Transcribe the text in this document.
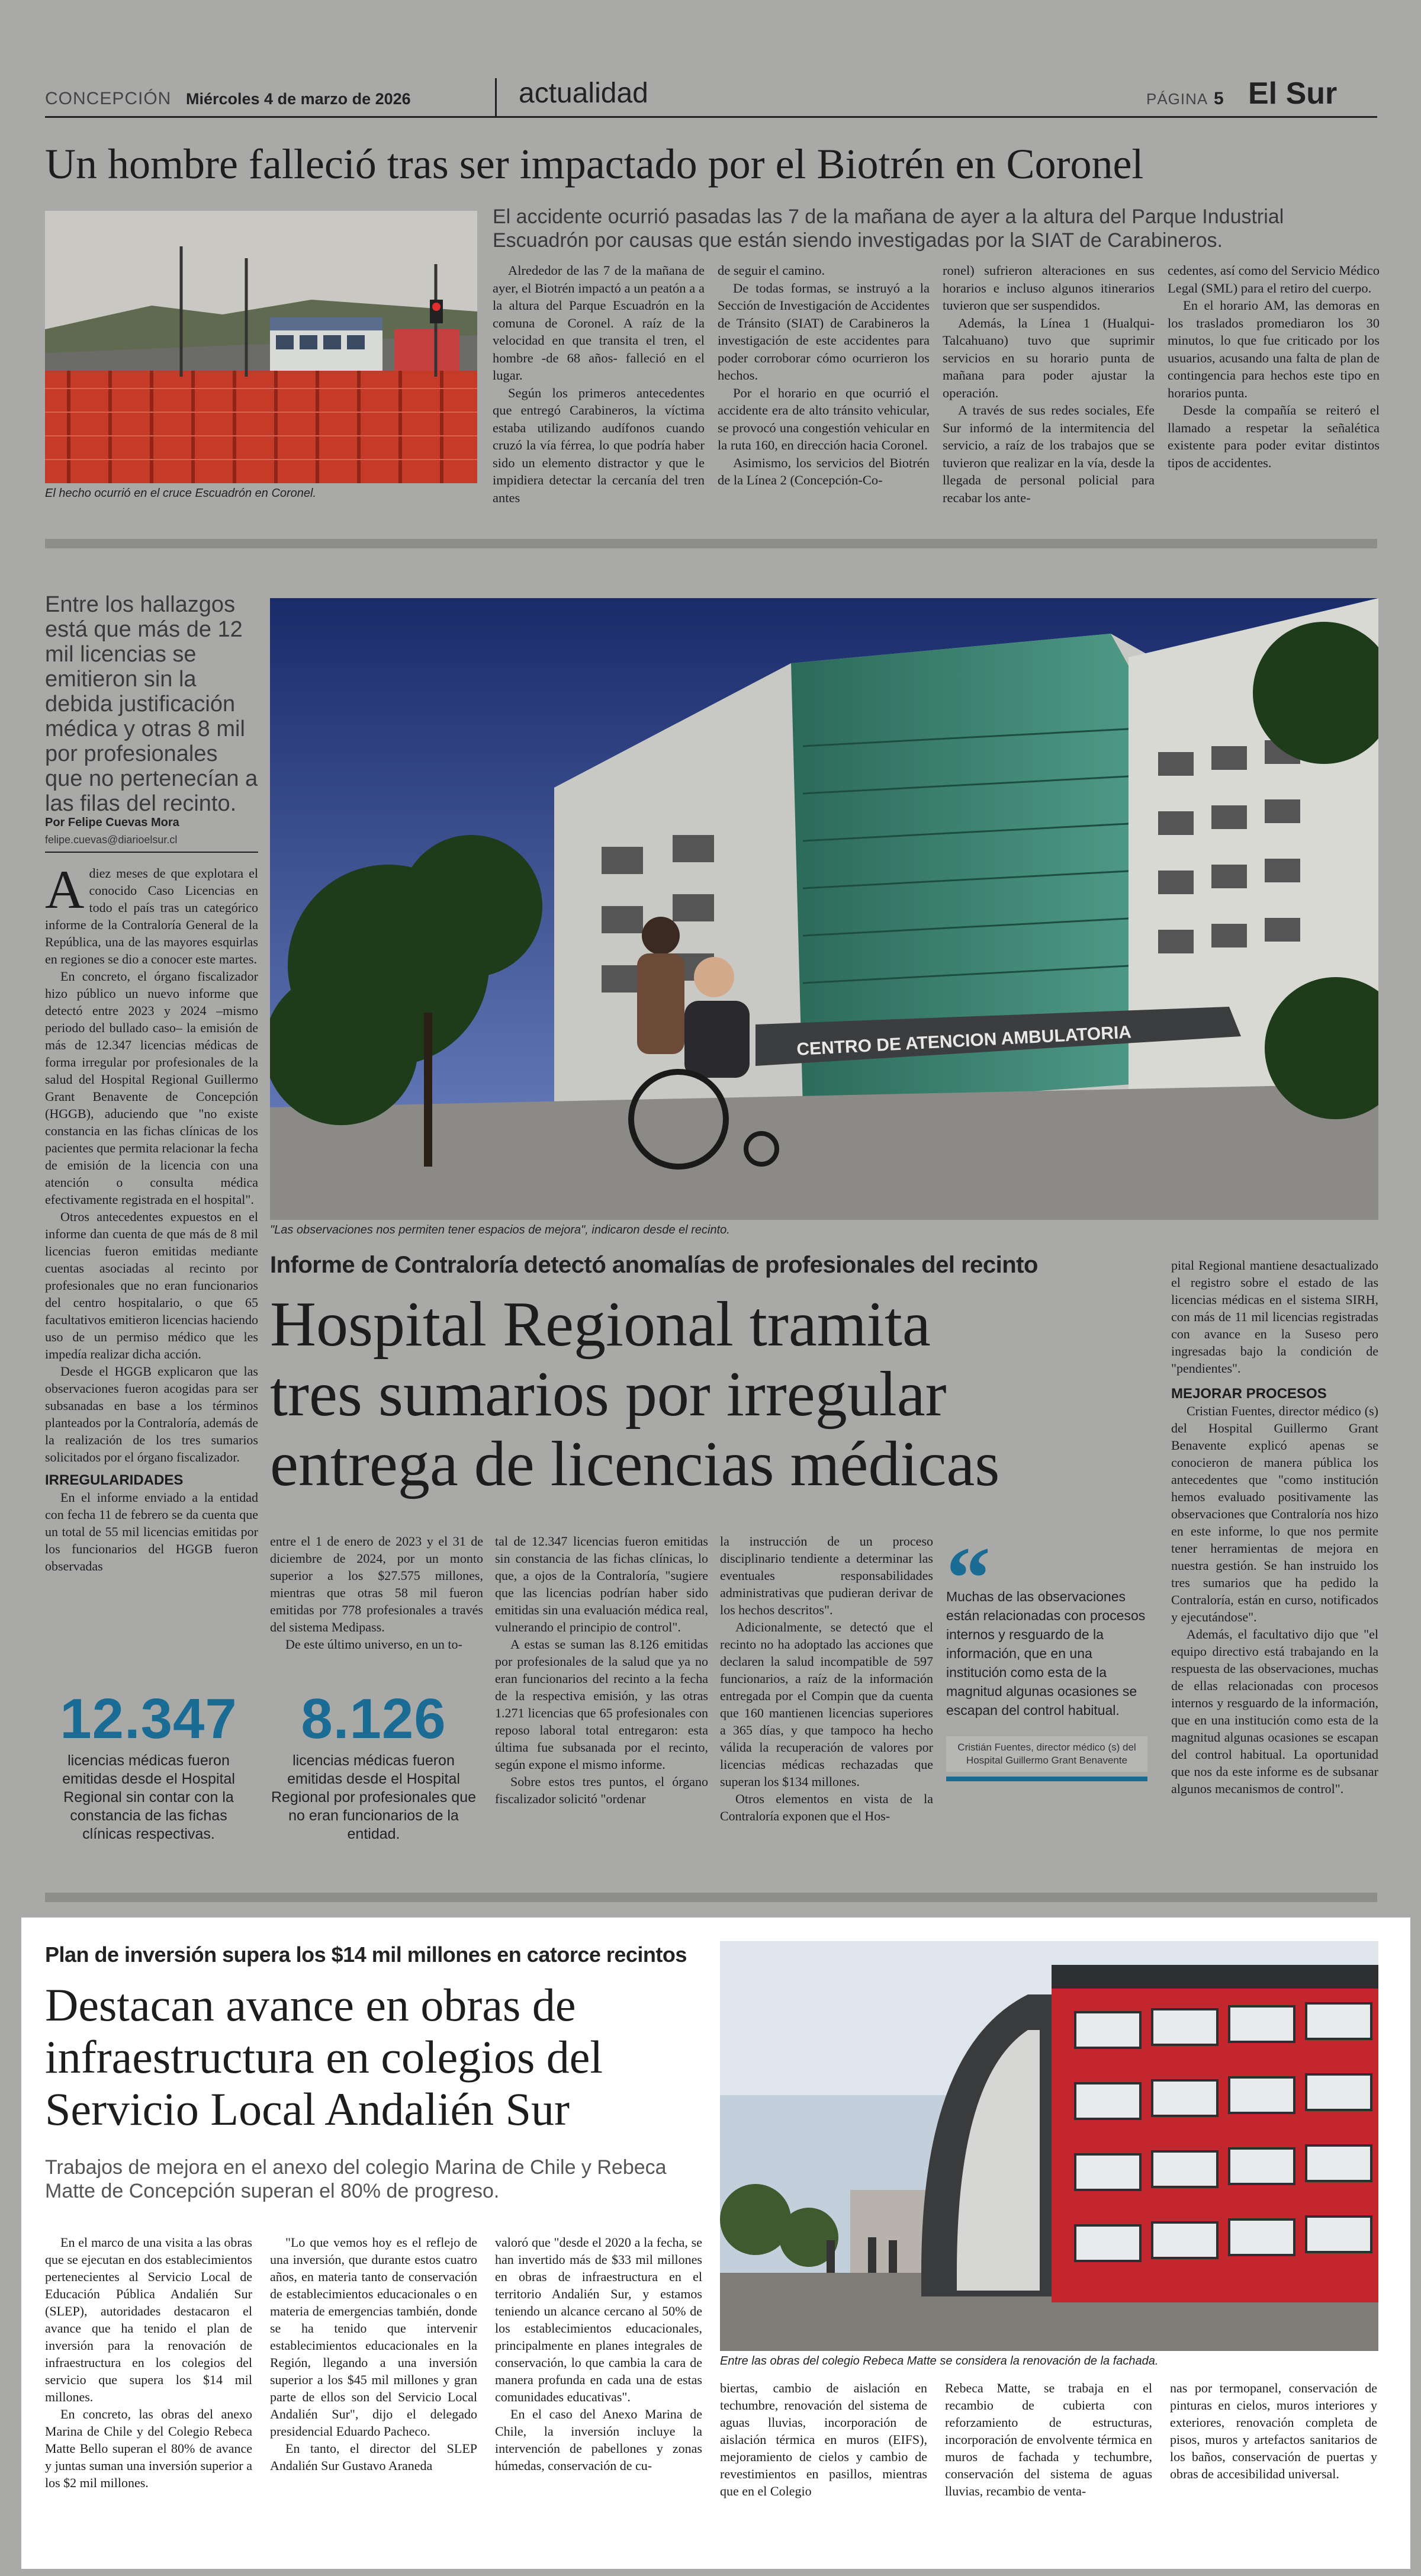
CONCEPCIÓN Miércoles 4 de marzo de 2026	actualidad	PÁGINA 5 El Sur
Un hombre falleció tras ser impactado por el Biotrén en Coronel
El hecho ocurrió en el cruce Escuadrón en Coronel.
El accidente ocurrió pasadas las 7 de la mañana de ayer a la altura del Parque Industrial Escuadrón por causas que están siendo investigadas por la SIAT de Carabineros.

Alrededor de las 7 de la mañana de ayer, el Biotrén impactó a un peatón a a la altura del Parque Escuadrón en la comuna de Coronel. A raíz de la velocidad en que transita el tren, el hombre -de 68 años- falleció en el lugar.

Según los primeros antecedentes que entregó Carabineros, la víctima estaba utilizando audífonos cuando cruzó la vía férrea, lo que podría haber sido un elemento distractor y que le impidiera detectar la cercanía del tren antes

de seguir el camino.

De todas formas, se instruyó a la Sección de Investigación de Accidentes de Tránsito (SIAT) de Carabineros la investigación de este accidentes para poder corroborar cómo ocurrieron los hechos.

Por el horario en que ocurrió el accidente era de alto tránsito vehicular, se provocó una congestión vehicular en la ruta 160, en dirección hacia Coronel.

Asimismo, los servicios del Biotrén de la Línea 2 (Concepción-Co-

ronel) sufrieron alteraciones en sus horarios e incluso algunos itinerarios tuvieron que ser suspendidos.

Además, la Línea 1 (Hualqui-Talcahuano) tuvo que suprimir servicios en su horario punta de mañana para poder ajustar la operación.

A través de sus redes sociales, Efe Sur informó de la intermitencia del servicio, a raíz de los trabajos que se tuvieron que realizar en la vía, desde la llegada de personal policial para recabar los ante-

cedentes, así como del Servicio Médico Legal (SML) para el retiro del cuerpo.

En el horario AM, las demoras en los traslados promediaron los 30 minutos, lo que fue criticado por los usuarios, acusando una falta de plan de contingencia para hechos este tipo en horarios punta.

Desde la compañía se reiteró el llamado a respetar la señalética existente para poder evitar distintos tipos de accidentes.

Entre los hallazgos está que más de 12 mil licencias se emitieron sin la debida justificación médica y otras 8 mil por profesionales que no pertenecían a las filas del recinto.
Por Felipe Cuevas Mora
felipe.cuevas@diarioelsur.cl

Adiez meses de que explotara el conocido Caso Licencias en todo el país tras un categórico informe de la Contraloría General de la República, una de las mayores esquirlas en regiones se dio a conocer este martes.

En concreto, el órgano fiscalizador hizo público un nuevo informe que detectó entre 2023 y 2024 –mismo periodo del bullado caso– la emisión de más de 12.347 licencias médicas de forma irregular por profesionales de la salud del Hospital Regional Guillermo Grant Benavente de Concepción (HGGB), aduciendo que "no existe constancia en las fichas clínicas de los pacientes que permita relacionar la fecha de emisión de la licencia con una atención o consulta médica efectivamente registrada en el hospital".

Otros antecedentes expuestos en el informe dan cuenta de que más de 8 mil licencias fueron emitidas mediante cuentas asociadas al recinto por profesionales que no eran funcionarios del centro hospitalario, o que 65 facultativos emitieron licencias haciendo uso de un permiso médico que les impedía realizar dicha acción.

Desde el HGGB explicaron que las observaciones fueron acogidas para ser subsanadas en base a los términos planteados por la Contraloría, además de la realización de los tres sumarios solicitados por el órgano fiscalizador.

IRREGULARIDADES

En el informe enviado a la entidad con fecha 11 de febrero se da cuenta que un total de 55 mil licencias emitidas por los funcionarios del HGGB fueron observadas

CENTRO DE ATENCION AMBULATORIA
"Las observaciones nos permiten tener espacios de mejora", indicaron desde el recinto.
Informe de Contraloría detectó anomalías de profesionales del recinto
Hospital Regional tramita
tres sumarios por irregular
entrega de licencias médicas

entre el 1 de enero de 2023 y el 31 de diciembre de 2024, por un monto superior a los $27.575 millones, mientras que otras 58 mil fueron emitidas por 778 profesionales a través del sistema Medipass.

De este último universo, en un to-

tal de 12.347 licencias fueron emitidas sin constancia de las fichas clínicas, lo que, a ojos de la Contraloría, "sugiere que las licencias podrían haber sido emitidas sin una evaluación médica real, vulnerando el principio de control".

A estas se suman las 8.126 emitidas por profesionales de la salud que ya no eran funcionarios del recinto a la fecha de la respectiva emisión, y las otras 1.271 licencias que 65 profesionales con reposo laboral total entregaron: esta última fue subsanada por el recinto, según expone el mismo informe.

Sobre estos tres puntos, el órgano fiscalizador solicitó "ordenar

la instrucción de un proceso disciplinario tendiente a determinar las eventuales responsabilidades administrativas que pudieran derivar de los hechos descritos".

Adicionalmente, se detectó que el recinto no ha adoptado las acciones que declaren la salud incompatible de 597 funcionarios, a raíz de la información entregada por el Compin que da cuenta que 160 mantienen licencias superiores a 365 días, y que tampoco ha hecho válida la recuperación de valores por licencias médicas rechazadas que superan los $134 millones.

Otros elementos en vista de la Contraloría exponen que el Hos-

“
Muchas de las observaciones están relacionadas con procesos internos y resguardo de la información, que en una institución como esta de la magnitud algunas ocasiones se escapan del control habitual.
Cristián Fuentes, director médico (s) del Hospital Guillermo Grant Benavente

pital Regional mantiene desactualizado el registro sobre el estado de las licencias médicas en el sistema SIRH, con más de 11 mil licencias registradas con avance en la Suseso pero ingresadas bajo la condición de "pendientes".

MEJORAR PROCESOS

Cristian Fuentes, director médico (s) del Hospital Guillermo Grant Benavente explicó apenas se conocieron de manera pública los antecedentes que "como institución hemos evaluado positivamente las observaciones que Contraloría nos hizo en este informe, lo que nos permite tener herramientas de mejora en nuestra gestión. Se han instruido los tres sumarios que ha pedido la Contraloría, están en curso, notificados y ejecutándose".

Además, el facultativo dijo que "el equipo directivo está trabajando en la respuesta de las observaciones, muchas de ellas relacionadas con procesos internos y resguardo de la información, que en una institución como esta de la magnitud algunas ocasiones se escapan del control habitual. La oportunidad que nos da este informe es de subsanar algunos mecanismos de control".

12.347
licencias médicas fueron emitidas desde el Hospital Regional sin contar con la constancia de las fichas clínicas respectivas.
8.126
licencias médicas fueron emitidas desde el Hospital Regional por profesionales que no eran funcionarios de la entidad.
Plan de inversión supera los $14 mil millones en catorce recintos
Destacan avance en obras de
infraestructura en colegios del
Servicio Local Andalién Sur
Trabajos de mejora en el anexo del colegio Marina de Chile y Rebeca Matte de Concepción superan el 80% de progreso.
Entre las obras del colegio Rebeca Matte se considera la renovación de la fachada.

En el marco de una visita a las obras que se ejecutan en dos establecimientos pertenecientes al Servicio Local de Educación Pública Andalién Sur (SLEP), autoridades destacaron el avance que ha tenido el plan de inversión para la renovación de infraestructura en los colegios del servicio que supera los $14 mil millones.

En concreto, las obras del anexo Marina de Chile y del Colegio Rebeca Matte Bello superan el 80% de avance y juntas suman una inversión superior a los $2 mil millones.

"Lo que vemos hoy es el reflejo de una inversión, que durante estos cuatro años, en materia tanto de conservación de establecimientos educacionales o en materia de emergencias también, donde se ha tenido que intervenir establecimientos educacionales en la Región, llegando a una inversión superior a los $45 mil millones y gran parte de ellos son del Servicio Local Andalién Sur", dijo el delegado presidencial Eduardo Pacheco.

En tanto, el director del SLEP Andalién Sur Gustavo Araneda

valoró que "desde el 2020 a la fecha, se han invertido más de $33 mil millones en obras de infraestructura en el territorio Andalién Sur, y estamos teniendo un alcance cercano al 50% de los establecimientos educacionales, principalmente en planes integrales de conservación, lo que cambia la cara de manera profunda en cada una de estas comunidades educativas".

En el caso del Anexo Marina de Chile, la inversión incluye la intervención de pabellones y zonas húmedas, conservación de cu-

biertas, cambio de aislación en techumbre, renovación del sistema de aguas lluvias, incorporación de aislación térmica en muros (EIFS), mejoramiento de cielos y cambio de revestimientos en pasillos, mientras que en el Colegio

Rebeca Matte, se trabaja en el recambio de cubierta con reforzamiento de estructuras, incorporación de envolvente térmica en muros de fachada y techumbre, conservación del sistema de aguas lluvias, recambio de venta-

nas por termopanel, conservación de pinturas en cielos, muros interiores y exteriores, renovación completa de pisos, muros y artefactos sanitarios de los baños, conservación de puertas y obras de accesibilidad universal.
